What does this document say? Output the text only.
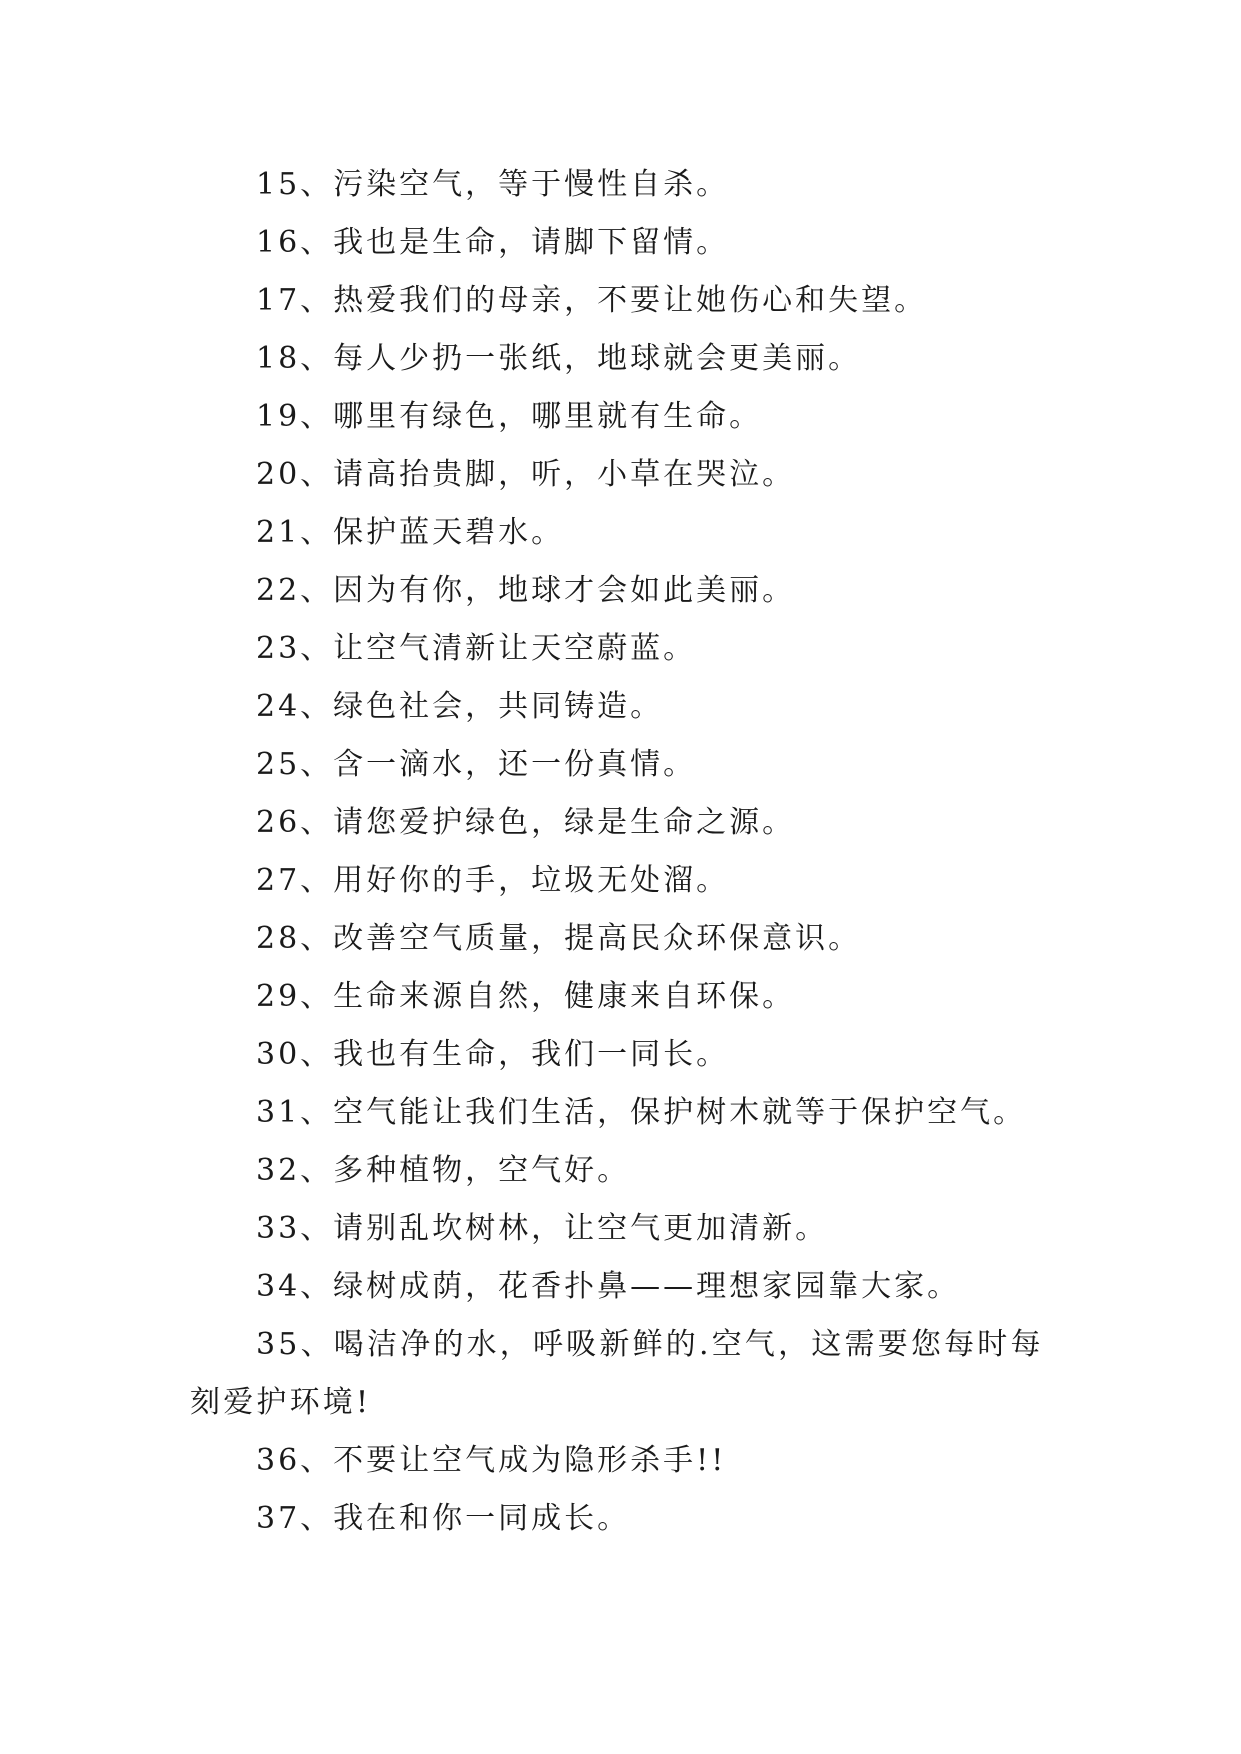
15、污染空气，等于慢性自杀。
16、我也是生命，请脚下留情。
17、热爱我们的母亲，不要让她伤心和失望。
18、每人少扔一张纸，地球就会更美丽。
19、哪里有绿色，哪里就有生命。
20、请高抬贵脚，听，小草在哭泣。
21、保护蓝天碧水。
22、因为有你，地球才会如此美丽。
23、让空气清新让天空蔚蓝。
24、绿色社会，共同铸造。
25、含一滴水，还一份真情。
26、请您爱护绿色，绿是生命之源。
27、用好你的手，垃圾无处溜。
28、改善空气质量，提高民众环保意识。
29、生命来源自然，健康来自环保。
30、我也有生命，我们一同长。
31、空气能让我们生活，保护树木就等于保护空气。
32、多种植物，空气好。
33、请别乱坎树林，让空气更加清新。
34、绿树成荫，花香扑鼻——理想家园靠大家。
35、喝洁净的水，呼吸新鲜的.空气，这需要您每时每刻爱护环境!
36、不要让空气成为隐形杀手!!
37、我在和你一同成长。
